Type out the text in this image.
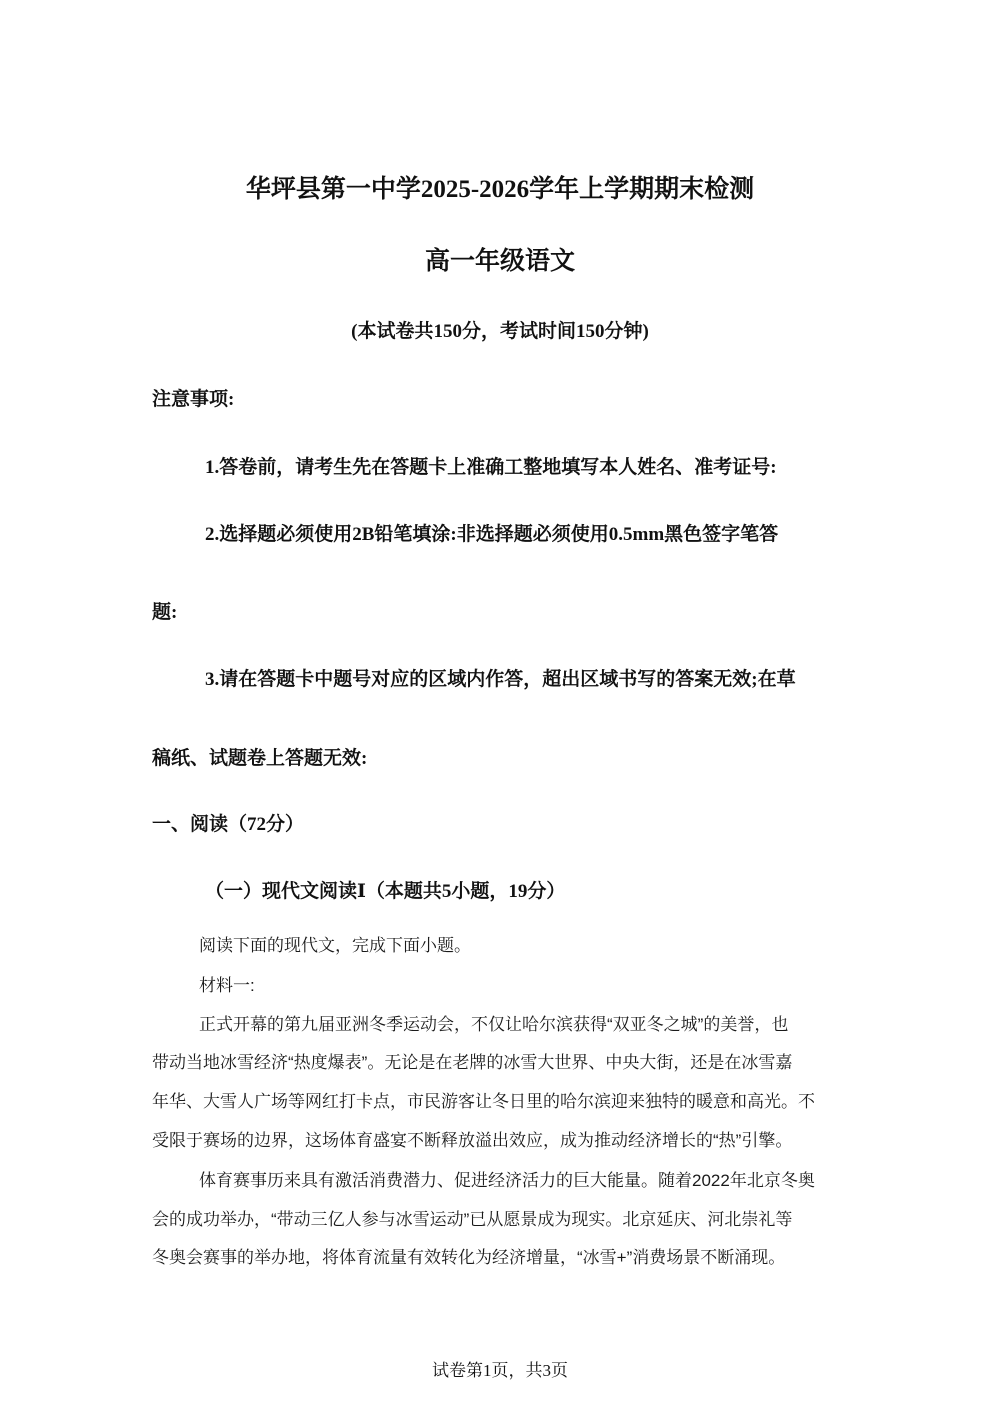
华坪县第一中学2025-2026学年上学期期末检测
高一年级语文
(本试卷共150分，考试时间150分钟)
注意事项:
1.答卷前，请考生先在答题卡上准确工整地填写本人姓名、准考证号:
2.选择题必须使用2B铅笔填涂:非选择题必须使用0.5mm黑色签字笔答
题:
3.请在答题卡中题号对应的区域内作答，超出区域书写的答案无效;在草
稿纸、试题卷上答题无效:
一、阅读（72分）
（一）现代文阅读Ⅰ（本题共5小题，19分）
阅读下面的现代文，完成下面小题。
材料一:
正式开幕的第九届亚洲冬季运动会，不仅让哈尔滨获得“双亚冬之城”的美誉，也
带动当地冰雪经济“热度爆表”。无论是在老牌的冰雪大世界、中央大街，还是在冰雪嘉
年华、大雪人广场等网红打卡点，市民游客让冬日里的哈尔滨迎来独特的暖意和高光。不
受限于赛场的边界，这场体育盛宴不断释放溢出效应，成为推动经济增长的“热”引擎。
体育赛事历来具有激活消费潜力、促进经济活力的巨大能量。随着2022年北京冬奥
会的成功举办，“带动三亿人参与冰雪运动”已从愿景成为现实。北京延庆、河北崇礼等
冬奥会赛事的举办地，将体育流量有效转化为经济增量，“冰雪+”消费场景不断涌现。
试卷第1页，共3页
